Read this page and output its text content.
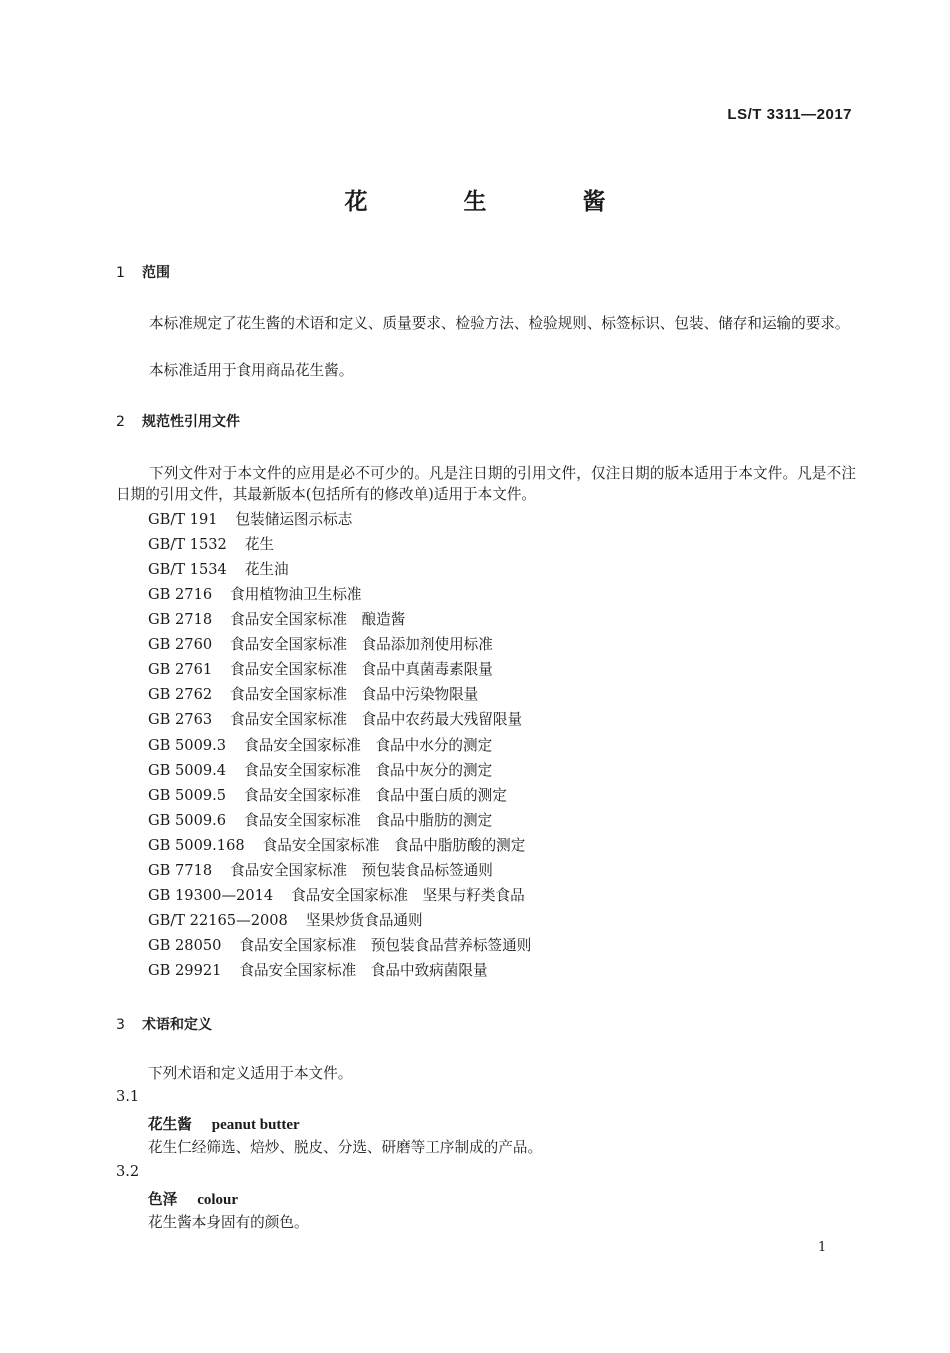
LS/T 3311—2017
花 生 酱
1 范围
本标准规定了花生酱的术语和定义、质量要求、检验方法、检验规则、标签标识、包装、储存和运输的要求。
本标准适用于食用商品花生酱。
2 规范性引用文件
下列文件对于本文件的应用是必不可少的。凡是注日期的引用文件，仅注日期的版本适用于本文件。凡是不注日期的引用文件，其最新版本(包括所有的修改单)适用于本文件。
GB/T 191 包装储运图示标志
GB/T 1532 花生
GB/T 1534 花生油
GB 2716 食用植物油卫生标准
GB 2718 食品安全国家标准　酿造酱
GB 2760 食品安全国家标准　食品添加剂使用标准
GB 2761 食品安全国家标准　食品中真菌毒素限量
GB 2762 食品安全国家标准　食品中污染物限量
GB 2763 食品安全国家标准　食品中农药最大残留限量
GB 5009.3 食品安全国家标准　食品中水分的测定
GB 5009.4 食品安全国家标准　食品中灰分的测定
GB 5009.5 食品安全国家标准　食品中蛋白质的测定
GB 5009.6 食品安全国家标准　食品中脂肪的测定
GB 5009.168 食品安全国家标准　食品中脂肪酸的测定
GB 7718 食品安全国家标准　预包装食品标签通则
GB 19300—2014 食品安全国家标准　坚果与籽类食品
GB/T 22165—2008 坚果炒货食品通则
GB 28050 食品安全国家标准　预包装食品营养标签通则
GB 29921 食品安全国家标准　食品中致病菌限量
3 术语和定义
下列术语和定义适用于本文件。
3.1
花生酱 peanut butter
花生仁经筛选、焙炒、脱皮、分选、研磨等工序制成的产品。
3.2
色泽 colour
花生酱本身固有的颜色。
1
